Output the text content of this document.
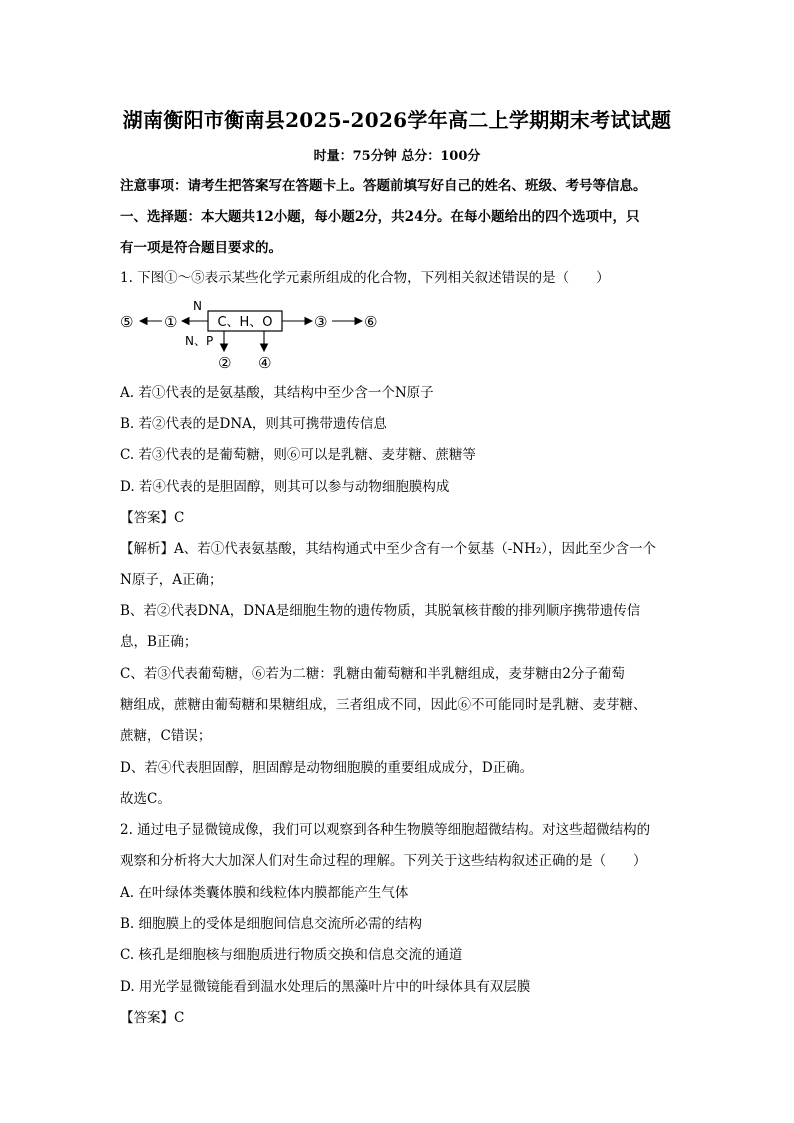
湖南衡阳市衡南县2025-2026学年高二上学期期末考试试题
时量：75分钟 总分：100分
注意事项：请考生把答案写在答题卡上。答题前填写好自己的姓名、班级、考号等信息。
一、选择题：本大题共12小题，每小题2分，共24分。在每小题给出的四个选项中，只
有一项是符合题目要求的。
1. 下图①～⑤表示某些化学元素所组成的化合物，下列相关叙述错误的是（　　）
C、H、O
N
N、P
⑤ ①	③ ⑥
② ④
A. 若①代表的是氨基酸，其结构中至少含一个N原子
B. 若②代表的是DNA，则其可携带遗传信息
C. 若③代表的是葡萄糖，则⑥可以是乳糖、麦芽糖、蔗糖等
D. 若④代表的是胆固醇，则其可以参与动物细胞膜构成
【答案】C
【解析】A、若①代表氨基酸，其结构通式中至少含有一个氨基（-NH₂），因此至少含一个
N原子，A正确；
B、若②代表DNA，DNA是细胞生物的遗传物质，其脱氧核苷酸的排列顺序携带遗传信
息，B正确；
C、若③代表葡萄糖，⑥若为二糖：乳糖由葡萄糖和半乳糖组成，麦芽糖由2分子葡萄
糖组成，蔗糖由葡萄糖和果糖组成，三者组成不同，因此⑥不可能同时是乳糖、麦芽糖、
蔗糖，C错误；
D、若④代表胆固醇，胆固醇是动物细胞膜的重要组成成分，D正确。
故选C。
2. 通过电子显微镜成像，我们可以观察到各种生物膜等细胞超微结构。对这些超微结构的
观察和分析将大大加深人们对生命过程的理解。下列关于这些结构叙述正确的是（　　）
A. 在叶绿体类囊体膜和线粒体内膜都能产生气体
B. 细胞膜上的受体是细胞间信息交流所必需的结构
C. 核孔是细胞核与细胞质进行物质交换和信息交流的通道
D. 用光学显微镜能看到温水处理后的黑藻叶片中的叶绿体具有双层膜
【答案】C
